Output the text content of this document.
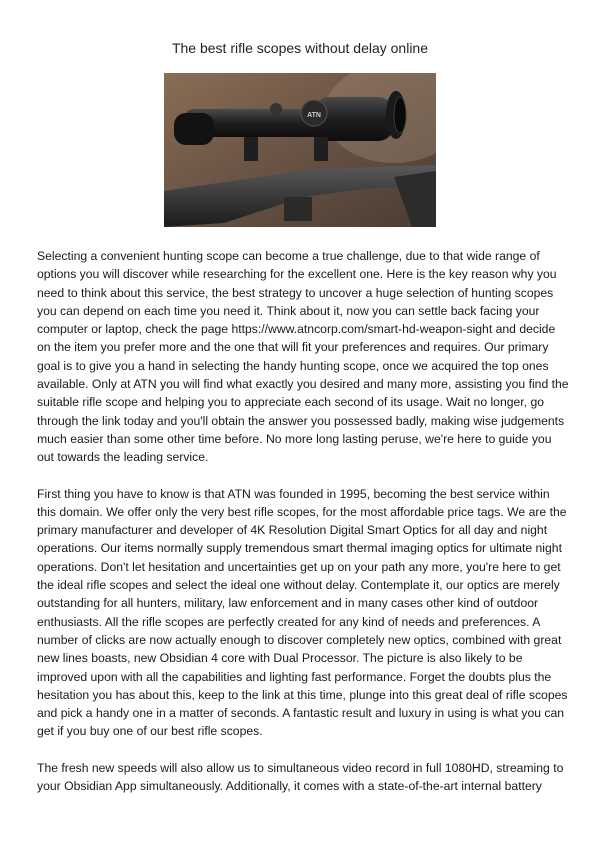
The best rifle scopes without delay online
ATN

Selecting a convenient hunting scope can become a true challenge, due to that wide range of options you will discover while researching for the excellent one. Here is the key reason why you need to think about this service, the best strategy to uncover a huge selection of hunting scopes you can depend on each time you need it. Think about it, now you can settle back facing your computer or laptop, check the page https://www.atncorp.com/smart-hd-weapon-sight and decide on the item you prefer more and the one that will fit your preferences and requires. Our primary goal is to give you a hand in selecting the handy hunting scope, once we acquired the top ones available. Only at ATN you will find what exactly you desired and many more, assisting you find the suitable rifle scope and helping you to appreciate each second of its usage. Wait no longer, go through the link today and you'll obtain the answer you possessed badly, making wise judgements much easier than some other time before. No more long lasting peruse, we're here to guide you out towards the leading service.

First thing you have to know is that ATN was founded in 1995, becoming the best service within this domain. We offer only the very best rifle scopes, for the most affordable price tags. We are the primary manufacturer and developer of 4K Resolution Digital Smart Optics for all day and night operations. Our items normally supply tremendous smart thermal imaging optics for ultimate night operations. Don't let hesitation and uncertainties get up on your path any more, you're here to get the ideal rifle scopes and select the ideal one without delay. Contemplate it, our optics are merely outstanding for all hunters, military, law enforcement and in many cases other kind of outdoor enthusiasts. All the rifle scopes are perfectly created for any kind of needs and preferences. A number of clicks are now actually enough to discover completely new optics, combined with great new lines boasts, new Obsidian 4 core with Dual Processor. The picture is also likely to be improved upon with all the capabilities and lighting fast performance. Forget the doubts plus the hesitation you has about this, keep to the link at this time, plunge into this great deal of rifle scopes and pick a handy one in a matter of seconds. A fantastic result and luxury in using is what you can get if you buy one of our best rifle scopes.

The fresh new speeds will also allow us to simultaneous video record in full 1080HD, streaming to your Obsidian App simultaneously. Additionally, it comes with a state-of-the-art internal battery
